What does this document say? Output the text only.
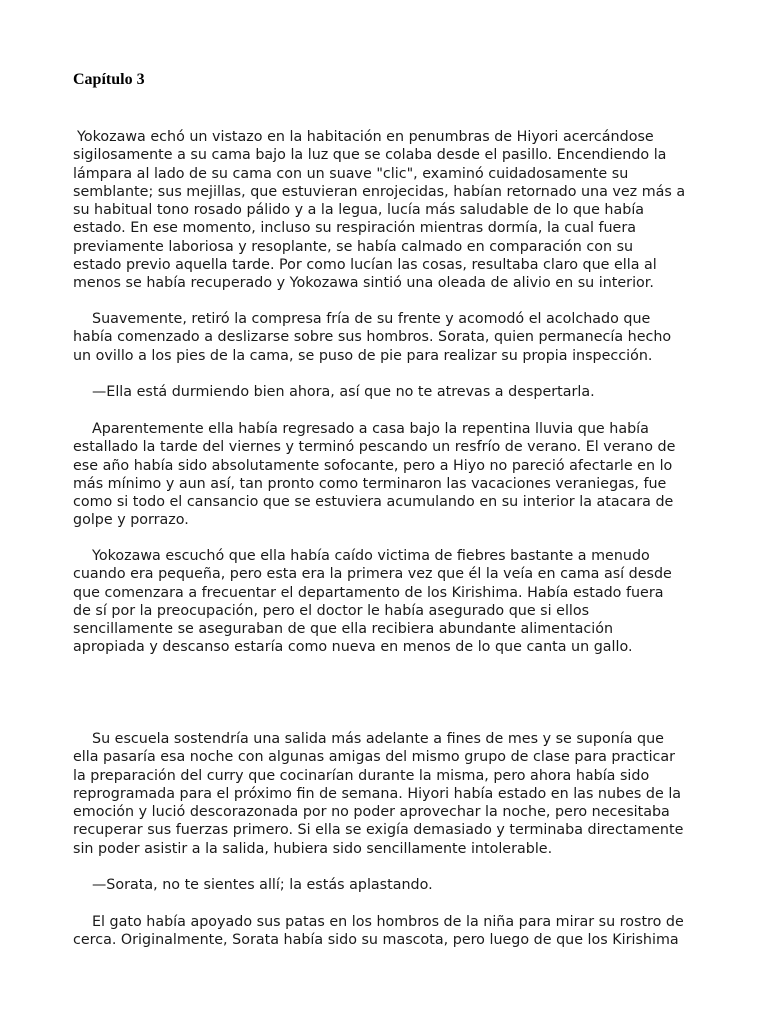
Capítulo 3

Yokozawa echó un vistazo en la habitación en penumbras de Hiyori acercándose
sigilosamente a su cama bajo la luz que se colaba desde el pasillo. Encendiendo la
lámpara al lado de su cama con un suave "clic", examinó cuidadosamente su
semblante; sus mejillas, que estuvieran enrojecidas, habían retornado una vez más a
su habitual tono rosado pálido y a la legua, lucía más saludable de lo que había
estado. En ese momento, incluso su respiración mientras dormía, la cual fuera
previamente laboriosa y resoplante, se había calmado en comparación con su
estado previo aquella tarde. Por como lucían las cosas, resultaba claro que ella al
menos se había recuperado y Yokozawa sintió una oleada de alivio en su interior.

Suavemente, retiró la compresa fría de su frente y acomodó el acolchado que
había comenzado a deslizarse sobre sus hombros. Sorata, quien permanecía hecho
un ovillo a los pies de la cama, se puso de pie para realizar su propia inspección.

—Ella está durmiendo bien ahora, así que no te atrevas a despertarla.

Aparentemente ella había regresado a casa bajo la repentina lluvia que había
estallado la tarde del viernes y terminó pescando un resfrío de verano. El verano de
ese año había sido absolutamente sofocante, pero a Hiyo no pareció afectarle en lo
más mínimo y aun así, tan pronto como terminaron las vacaciones veraniegas, fue
como si todo el cansancio que se estuviera acumulando en su interior la atacara de
golpe y porrazo.

Yokozawa escuchó que ella había caído victima de fiebres bastante a menudo
cuando era pequeña, pero esta era la primera vez que él la veía en cama así desde
que comenzara a frecuentar el departamento de los Kirishima. Había estado fuera
de sí por la preocupación, pero el doctor le había asegurado que si ellos
sencillamente se aseguraban de que ella recibiera abundante alimentación
apropiada y descanso estaría como nueva en menos de lo que canta un gallo.

Su escuela sostendría una salida más adelante a fines de mes y se suponía que
ella pasaría esa noche con algunas amigas del mismo grupo de clase para practicar
la preparación del curry que cocinarían durante la misma, pero ahora había sido
reprogramada para el próximo fin de semana. Hiyori había estado en las nubes de la
emoción y lució descorazonada por no poder aprovechar la noche, pero necesitaba
recuperar sus fuerzas primero. Si ella se exigía demasiado y terminaba directamente
sin poder asistir a la salida, hubiera sido sencillamente intolerable.

—Sorata, no te sientes allí; la estás aplastando.

El gato había apoyado sus patas en los hombros de la niña para mirar su rostro de
cerca. Originalmente, Sorata había sido su mascota, pero luego de que los Kirishima
